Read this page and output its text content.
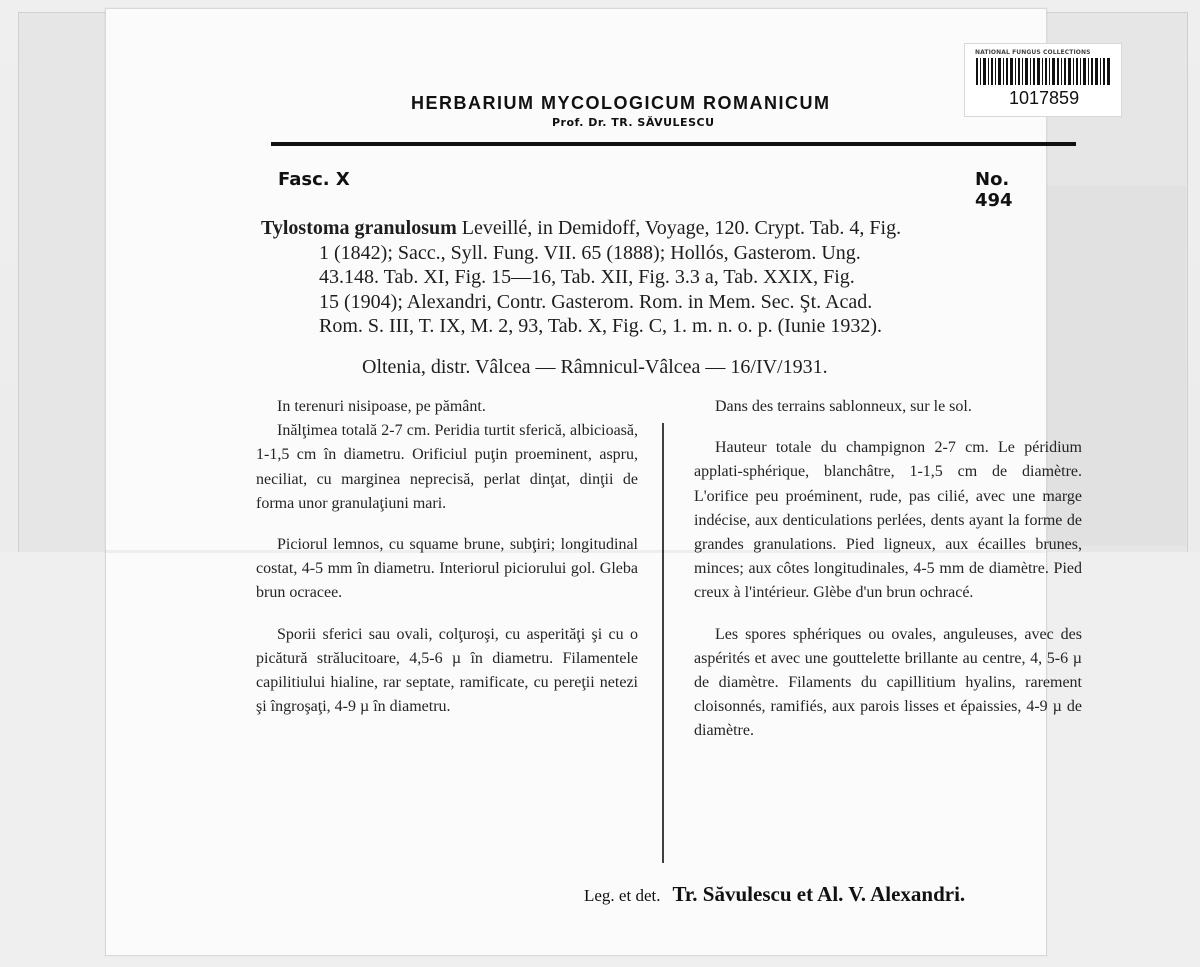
NATIONAL FUNGUS COLLECTIONS
1017859
HERBARIUM MYCOLOGICUM ROMANICUM
Prof. Dr. TR. SĂVULESCU
Fasc. X	No. 494
Tylostoma granulosum Leveillé, in Demidoff, Voyage, 120. Crypt. Tab. 4, Fig.
1 (1842); Sacc., Syll. Fung. VII. 65 (1888); Hollós, Gasterom. Ung.
43.148. Tab. XI, Fig. 15—16, Tab. XII, Fig. 3.3 a, Tab. XXIX, Fig.
15 (1904); Alexandri, Contr. Gasterom. Rom. in Mem. Sec. Şt. Acad.
Rom. S. III, T. IX, M. 2, 93, Tab. X, Fig. C, 1. m. n. o. p. (Iunie 1932).
Oltenia, distr. Vâlcea — Râmnicul-Vâlcea — 16/IV/1931.

In terenuri nisipoase, pe pământ.

Inălţimea totală 2-7 cm. Peridia turtit sferică, albicioasă, 1-1,5 cm în diametru. Orificiul puţin proeminent, aspru, neciliat, cu marginea neprecisă, perlat dinţat, dinţii de forma unor granulaţiuni mari.

Piciorul lemnos, cu squame brune, subţiri; longitudinal costat, 4-5 mm în diametru. Interiorul piciorului gol. Gleba brun ocracee.

Sporii sferici sau ovali, colţuroşi, cu asperităţi şi cu o picătură strălucitoare, 4,5-6 µ în diametru. Filamentele capilitiului hialine, rar septate, ramificate, cu pereţii netezi şi îngroşaţi, 4-9 µ în diametru.

Dans des terrains sablonneux, sur le sol.

Hauteur totale du champignon 2-7 cm. Le péridium applati-sphérique, blanchâtre, 1-1,5 cm de diamètre. L'orifice peu proéminent, rude, pas cilié, avec une marge indécise, aux denticulations perlées, dents ayant la forme de grandes granulations. Pied ligneux, aux écailles brunes, minces; aux côtes longitudinales, 4-5 mm de diamètre. Pied creux à l'intérieur. Glèbe d'un brun ochracé.

Les spores sphériques ou ovales, anguleuses, avec des aspérités et avec une gouttelette brillante au centre, 4, 5-6 µ de diamètre. Filaments du capillitium hyalins, rarement cloisonnés, ramifiés, aux parois lisses et épaissies, 4-9 µ de diamètre.

Leg. et det. Tr. Săvulescu et Al. V. Alexandri.
